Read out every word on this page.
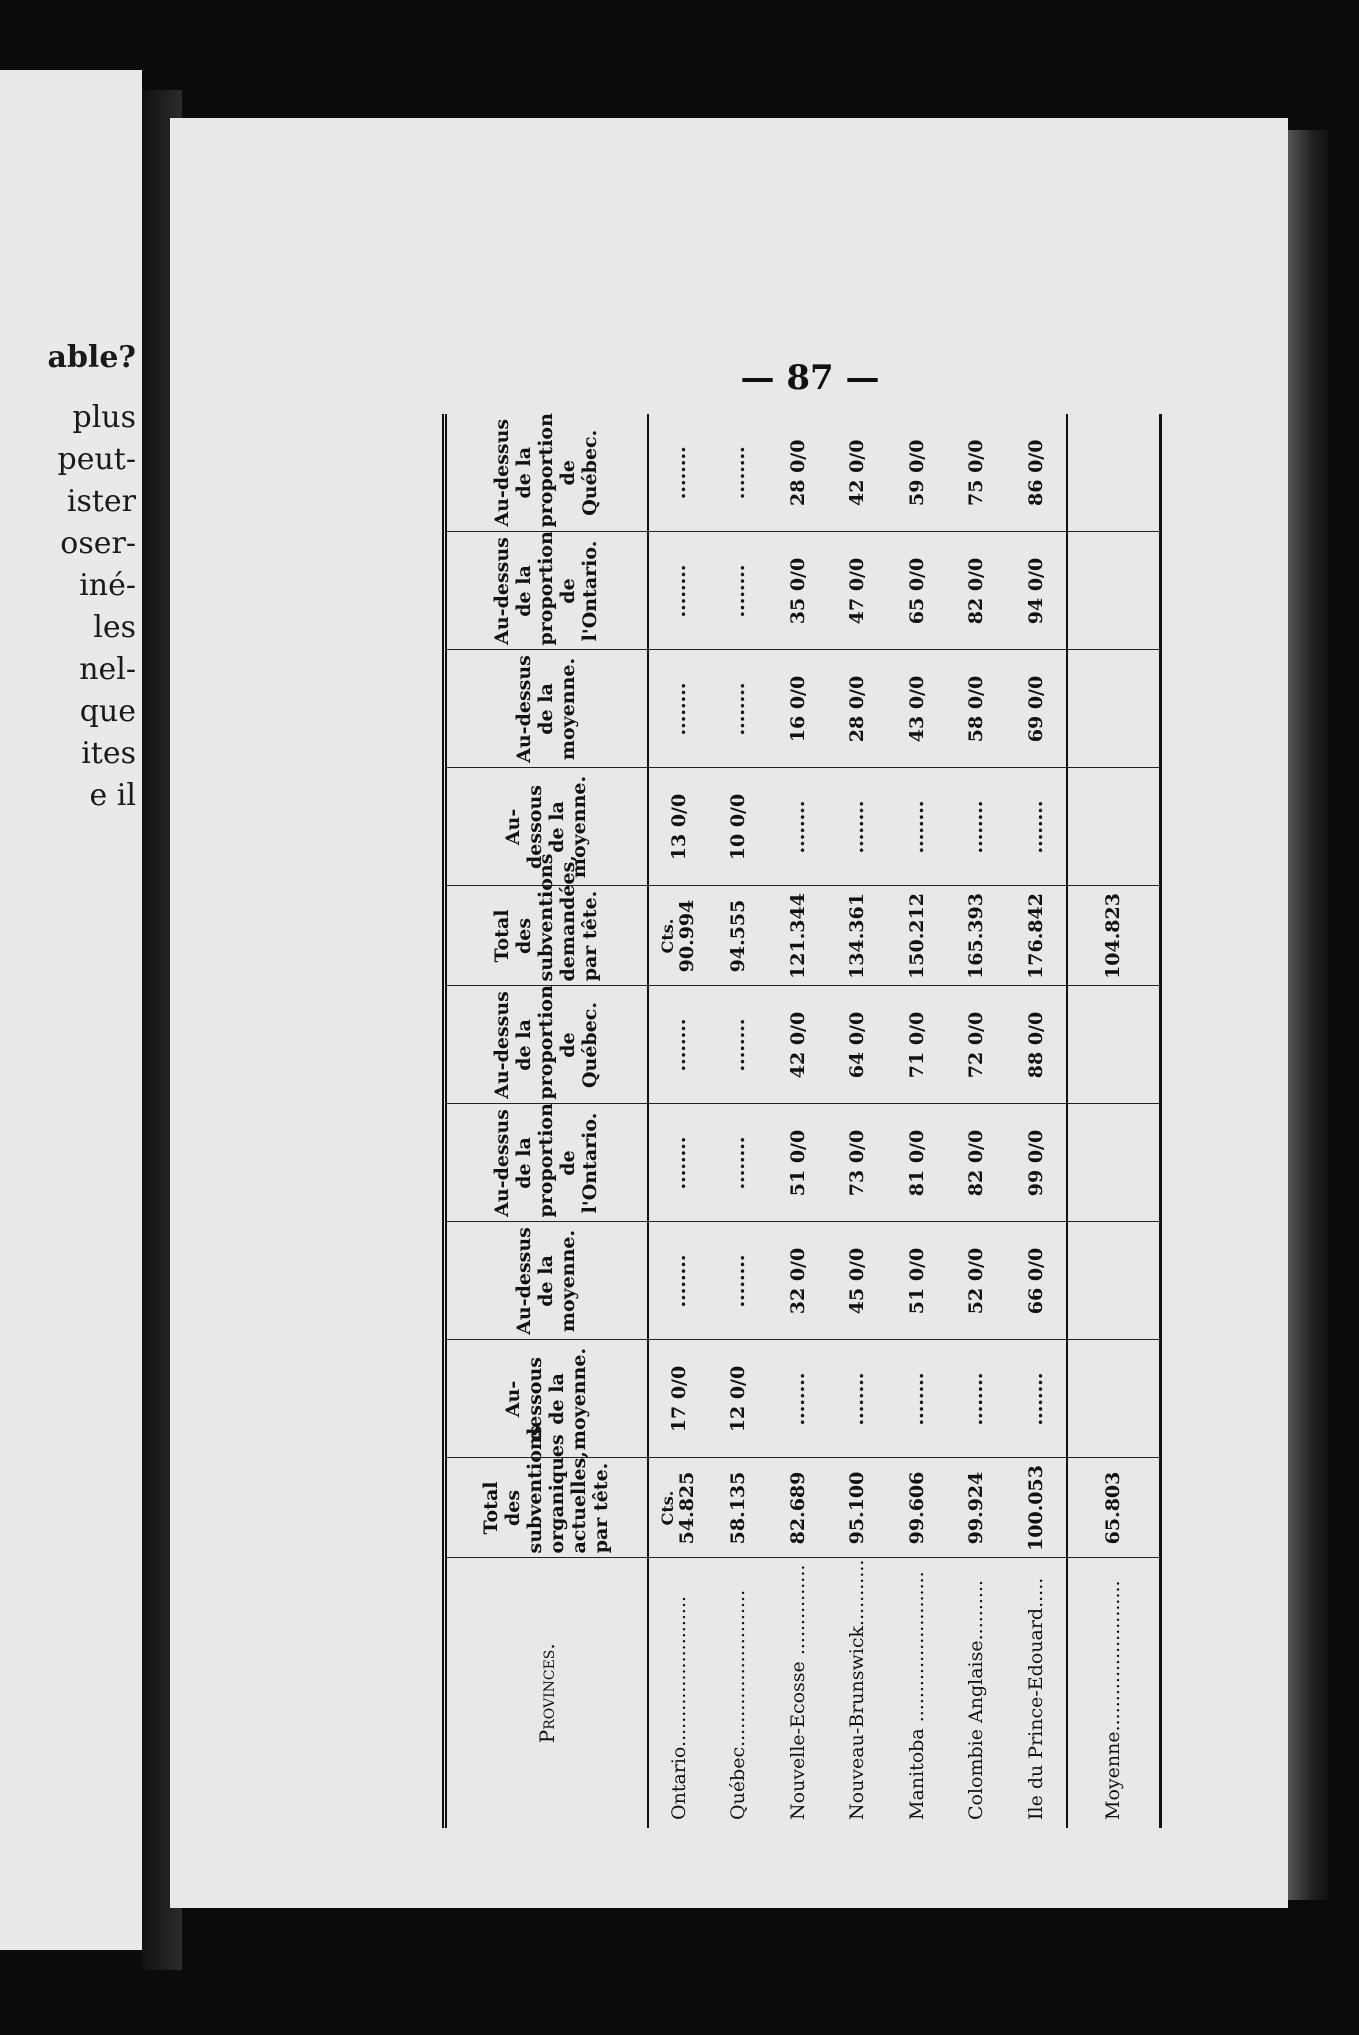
able?
plus
peut-
ister
oser-
iné-
les
nel-
que
ites
e il
— 87 —
Provinces.	Total des subventions organiques actuelles, par tête.	Au-dessous de la moyenne.	Au-dessus de la moyenne.	Au-dessus de la proportion de l'Ontario.	Au-dessus de la proportion de Québec.	Total des subventions demandées, par tête.	Au-dessous de la moyenne.	Au-dessus de la moyenne.	Au-dessus de la proportion de l'Ontario.	Au-dessus de la proportion de Québec.
Ontario.........................	Cts. 54.825	17 0/0	........	........	........	Cts. 90.994	13 0/0	........	........	........
Québec..........................	58.135	12 0/0	........	........	........	94.555	10 0/0	........	........	........
Nouvelle-Ecosse ...............	82.689	........	32 0/0	51 0/0	42 0/0	121.344	........	16 0/0	35 0/0	28 0/0
Nouveau-Brunswick...........	95.100	........	45 0/0	73 0/0	64 0/0	134.361	........	28 0/0	47 0/0	42 0/0
Manitoba .........................	99.606	........	51 0/0	81 0/0	71 0/0	150.212	........	43 0/0	65 0/0	59 0/0
Colombie Anglaise..........	99.924	........	52 0/0	82 0/0	72 0/0	165.393	........	58 0/0	82 0/0	75 0/0
Ile du Prince-Edouard.....	100.053	........	66 0/0	99 0/0	88 0/0	176.842	........	69 0/0	94 0/0	86 0/0
Moyenne.........................	65.803					104.823				
